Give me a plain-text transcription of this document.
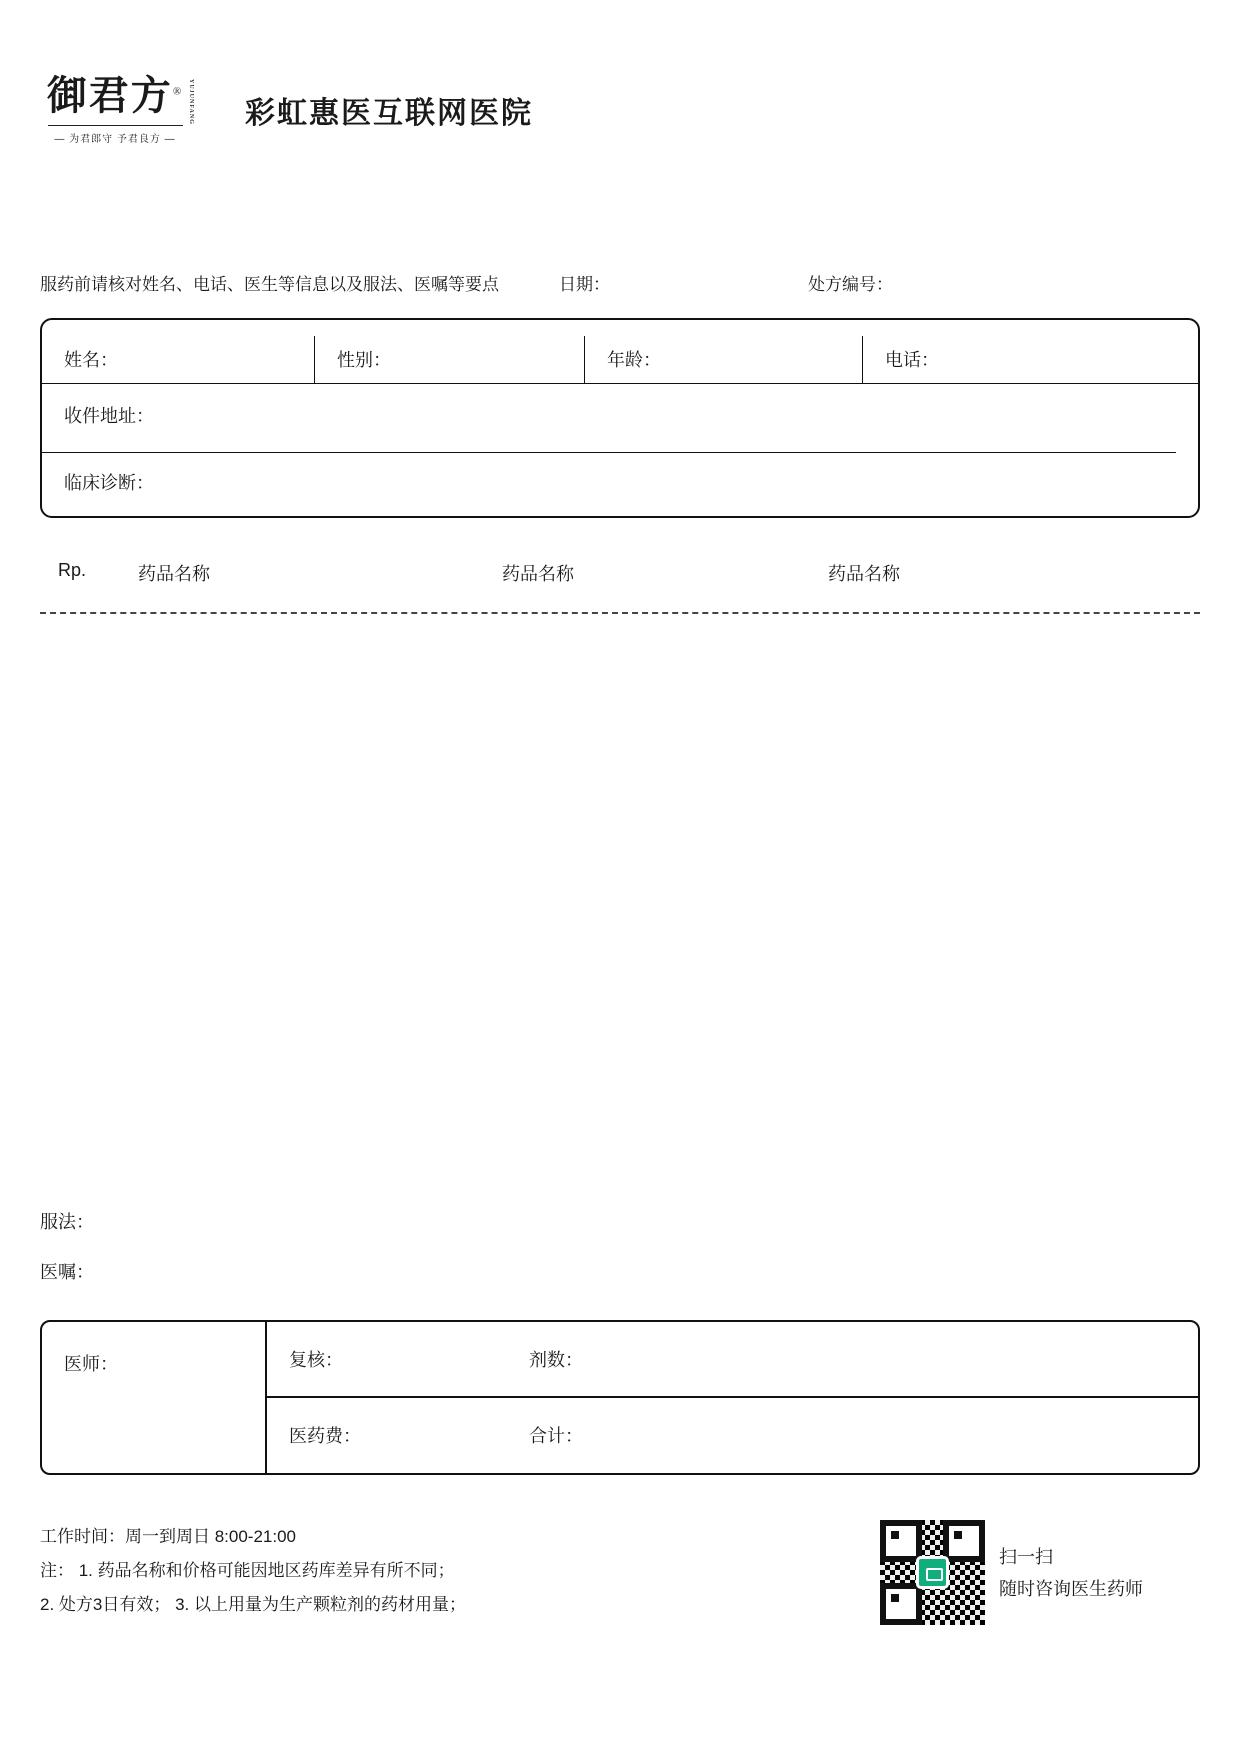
御君方® YUJUNFANG
— 为君郎守 予君良方 —
彩虹惠医互联网医院
服药前请核对姓名、电话、医生等信息以及服法、医嘱等要点	日期：	处方编号：
姓名：	性别：	年龄：	电话：
收件地址：
临床诊断：
Rp.	药品名称	药品名称	药品名称
服法：
医嘱：
医师：	复核：	剂数：
医药费：	合计：
工作时间：周一到周日 8:00-21:00
注： 1. 药品名称和价格可能因地区药库差异有所不同；
2. 处方3日有效； 3. 以上用量为生产颗粒剂的药材用量；
扫一扫
随时咨询医生药师
